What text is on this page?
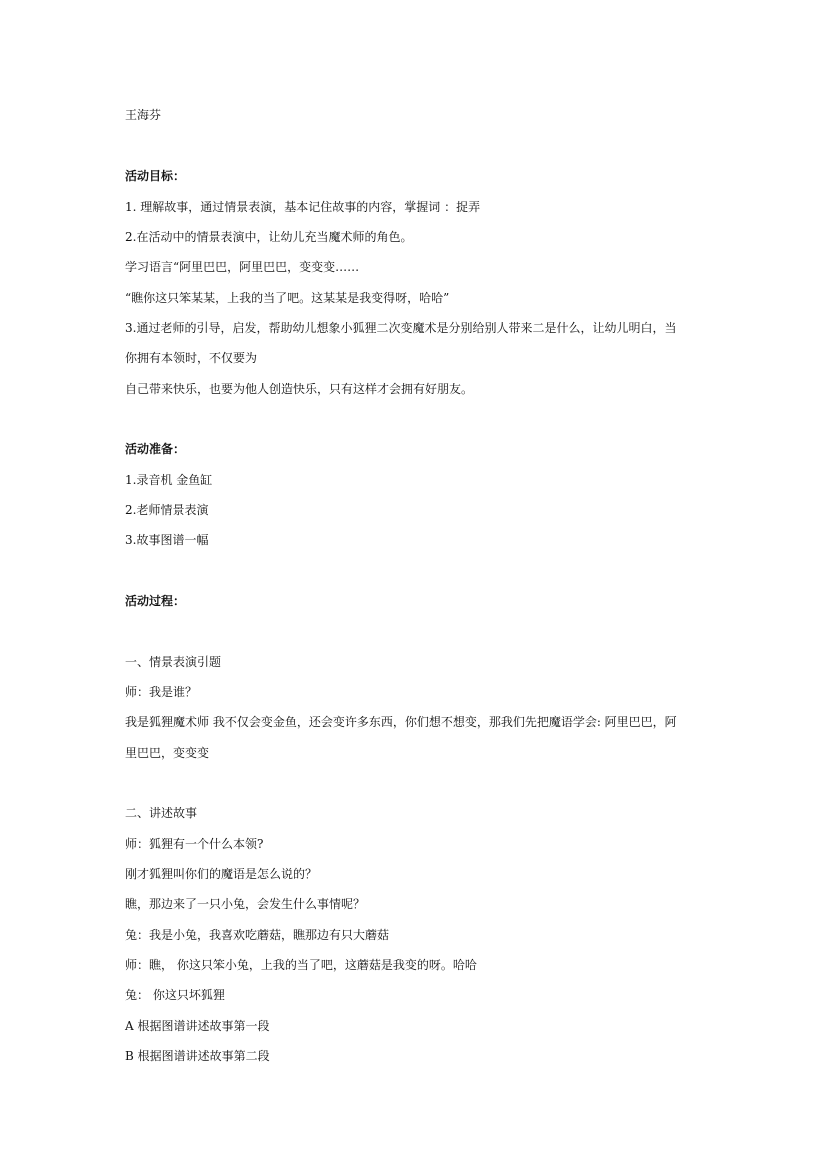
王海芬
活动目标：
1. 理解故事，通过情景表演，基本记住故事的内容，掌握词 ：捉弄
2.在活动中的情景表演中，让幼儿充当魔术师的角色。
学习语言“阿里巴巴，阿里巴巴，变变变……
“瞧你这只笨某某，上我的当了吧。这某某是我变得呀，哈哈”
3.通过老师的引导，启发，帮助幼儿想象小狐狸二次变魔术是分别给别人带来二是什么，让幼儿明白，当
你拥有本领时，不仅要为
自己带来快乐，也要为他人创造快乐，只有这样才会拥有好朋友。
活动准备：
1.录音机 金鱼缸
2.老师情景表演
3.故事图谱一幅
活动过程：
一、情景表演引题
师：我是谁？
我是狐狸魔术师 我不仅会变金鱼，还会变许多东西，你们想不想变，那我们先把魔语学会: 阿里巴巴，阿
里巴巴，变变变
二、讲述故事
师：狐狸有一个什么本领?
刚才狐狸叫你们的魔语是怎么说的？
瞧，那边来了一只小兔，会发生什么事情呢？
兔：我是小兔，我喜欢吃蘑菇，瞧那边有只大蘑菇
师：瞧， 你这只笨小兔，上我的当了吧，这蘑菇是我变的呀。哈哈
兔： 你这只坏狐狸
A 根据图谱讲述故事第一段
B 根据图谱讲述故事第二段
